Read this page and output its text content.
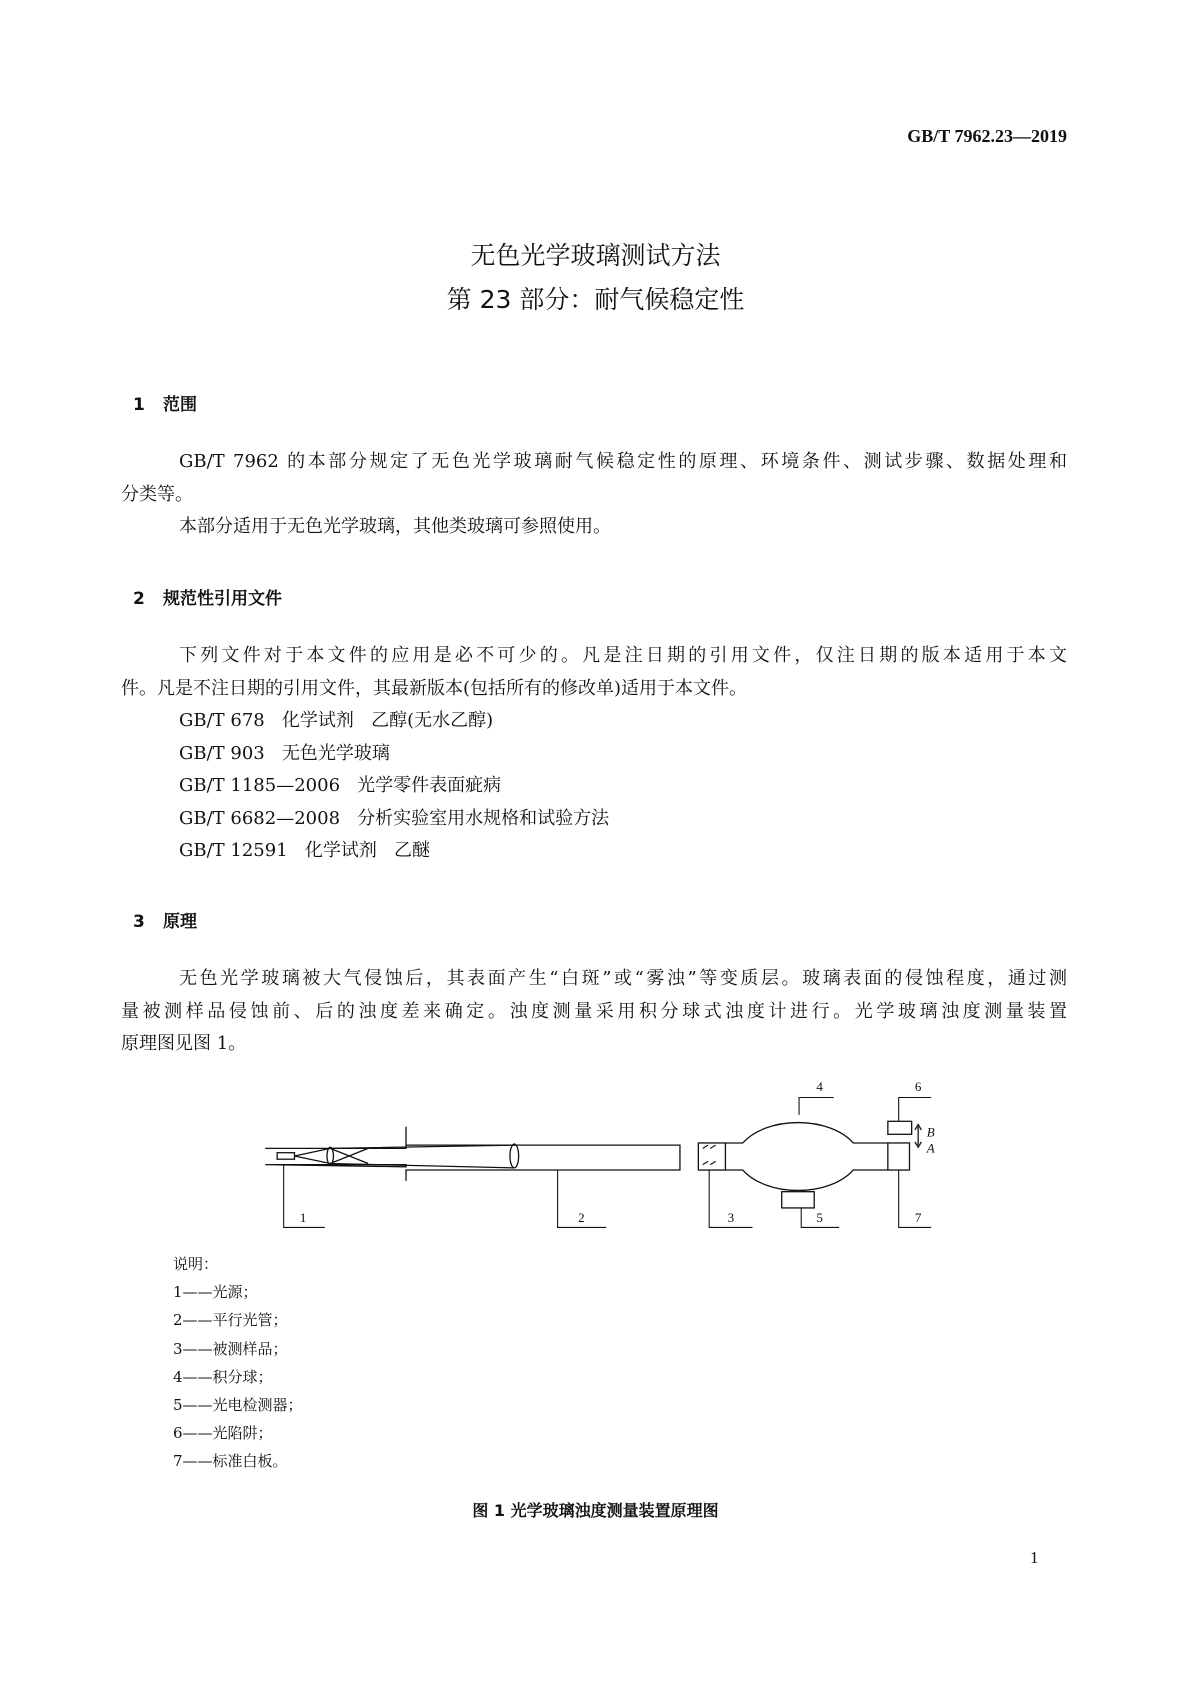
GB/T 7962.23—2019
无色光学玻璃测试方法
第 23 部分：耐气候稳定性
1 范围
GB/T 7962 的本部分规定了无色光学玻璃耐气候稳定性的原理、环境条件、测试步骤、数据处理和
分类等。
本部分适用于无色光学玻璃，其他类玻璃可参照使用。
2 规范性引用文件
下列文件对于本文件的应用是必不可少的。凡是注日期的引用文件，仅注日期的版本适用于本文
件。凡是不注日期的引用文件，其最新版本(包括所有的修改单)适用于本文件。
GB/T 678   化学试剂   乙醇(无水乙醇)
GB/T 903   无色光学玻璃
GB/T 1185—2006   光学零件表面疵病
GB/T 6682—2008   分析实验室用水规格和试验方法
GB/T 12591   化学试剂   乙醚
3 原理
无色光学玻璃被大气侵蚀后，其表面产生“白斑”或“雾浊”等变质层。玻璃表面的侵蚀程度，通过测
量被测样品侵蚀前、后的浊度差来确定。浊度测量采用积分球式浊度计进行。光学玻璃浊度测量装置
原理图见图 1。
1	2	3
4
5
6
7
B
A
说明：
1——光源；
2——平行光管；
3——被测样品；
4——积分球；
5——光电检测器；
6——光陷阱；
7——标准白板。
图 1 光学玻璃浊度测量装置原理图
1
